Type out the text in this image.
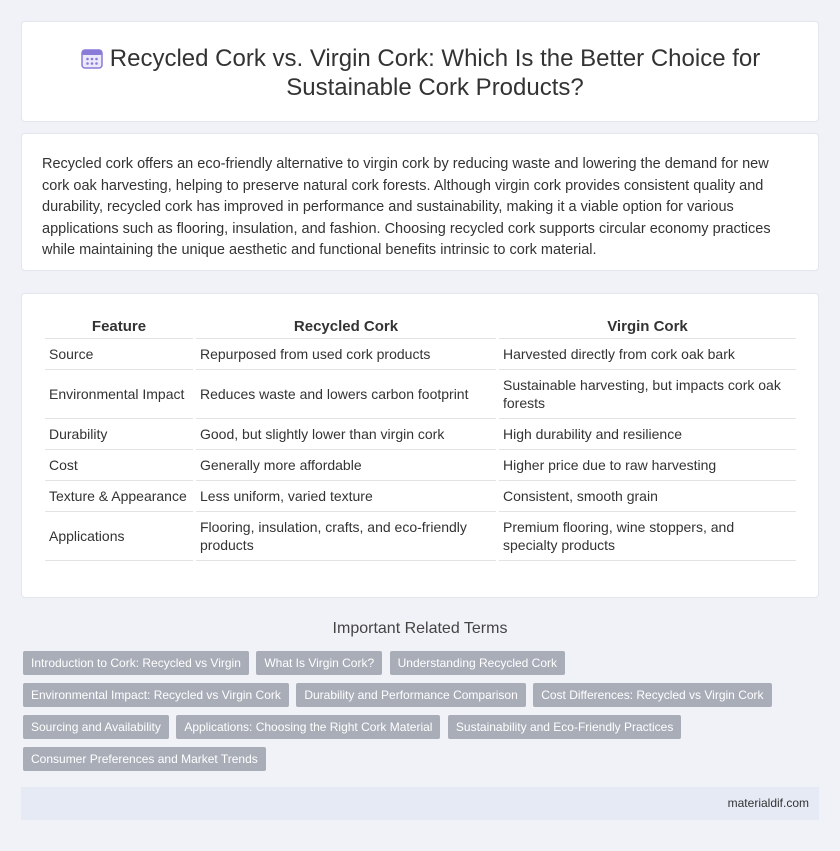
Recycled Cork vs. Virgin Cork: Which Is the Better Choice for Sustainable Cork Products?

Recycled cork offers an eco-friendly alternative to virgin cork by reducing waste and lowering the demand for new cork oak harvesting, helping to preserve natural cork forests. Although virgin cork provides consistent quality and durability, recycled cork has improved in performance and sustainability, making it a viable option for various applications such as flooring, insulation, and fashion. Choosing recycled cork supports circular economy practices while maintaining the unique aesthetic and functional benefits intrinsic to cork material.

Feature	Recycled Cork	Virgin Cork
Source	Repurposed from used cork products	Harvested directly from cork oak bark
Environmental Impact	Reduces waste and lowers carbon footprint	Sustainable harvesting, but impacts cork oak forests
Durability	Good, but slightly lower than virgin cork	High durability and resilience
Cost	Generally more affordable	Higher price due to raw harvesting
Texture & Appearance	Less uniform, varied texture	Consistent, smooth grain
Applications	Flooring, insulation, crafts, and eco-friendly products	Premium flooring, wine stoppers, and specialty products
Important Related Terms
Introduction to Cork: Recycled vs Virgin What Is Virgin Cork? Understanding Recycled Cork Environmental Impact: Recycled vs Virgin Cork Durability and Performance Comparison Cost Differences: Recycled vs Virgin Cork Sourcing and Availability Applications: Choosing the Right Cork Material Sustainability and Eco-Friendly Practices Consumer Preferences and Market Trends
materialdif.com
